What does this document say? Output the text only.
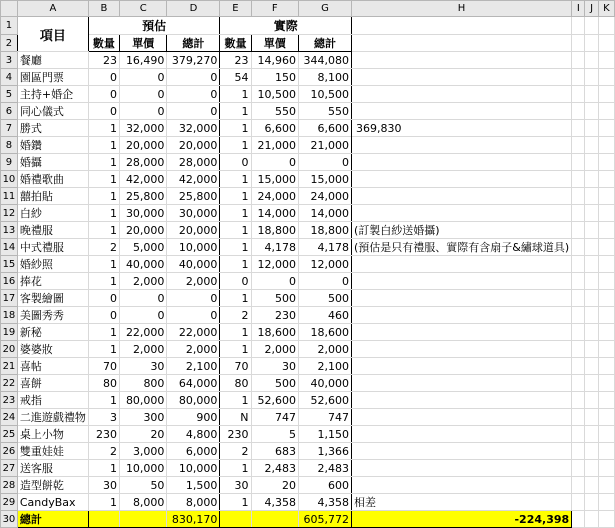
	A	B	C	D	E	F	G	H	I	J	K
1	項目	預估			實際						
2		數量	單價	總計	數量	單價	總計				
3	餐廳	23	16,490	379,270	23	14,960	344,080				
4	園區門票	0	0	0	54	150	8,100				
5	主持+婚企	0	0	0	1	10,500	10,500				
6	同心儀式	0	0	0	1	550	550				
7	勝式	1	32,000	32,000	1	6,600	6,600	369,830			
8	婚鑽	1	20,000	20,000	1	21,000	21,000				
9	婚攝	1	28,000	28,000	0	0	0				
10	婚禮歌曲	1	42,000	42,000	1	15,000	15,000				
11	囍拍貼	1	25,800	25,800	1	24,000	24,000				
12	白紗	1	30,000	30,000	1	14,000	14,000				
13	晚禮服	1	20,000	20,000	1	18,800	18,800	(訂製白紗送婚攝)			
14	中式禮服	2	5,000	10,000	1	4,178	4,178	(預估是只有禮服、實際有含扇子&繡球道具)			
15	婚紗照	1	40,000	40,000	1	12,000	12,000				
16	捧花	1	2,000	2,000	0	0	0				
17	客製繪圖	0	0	0	1	500	500				
18	美圖秀秀	0	0	0	2	230	460				
19	新秘	1	22,000	22,000	1	18,600	18,600				
20	婆婆妝	1	2,000	2,000	1	2,000	2,000				
21	喜帖	70	30	2,100	70	30	2,100				
22	喜餅	80	800	64,000	80	500	40,000				
23	戒指	1	80,000	80,000	1	52,600	52,600				
24	二進遊戲禮物	3	300	900	N	747	747				
25	桌上小物	230	20	4,800	230	5	1,150				
26	雙重娃娃	2	3,000	6,000	2	683	1,366				
27	送客服	1	10,000	10,000	1	2,483	2,483				
28	造型餅乾	30	50	1,500	30	20	600				
29	CandyBax	1	8,000	8,000	1	4,358	4,358	相差			
30	總計			830,170			605,772	-224,398			
